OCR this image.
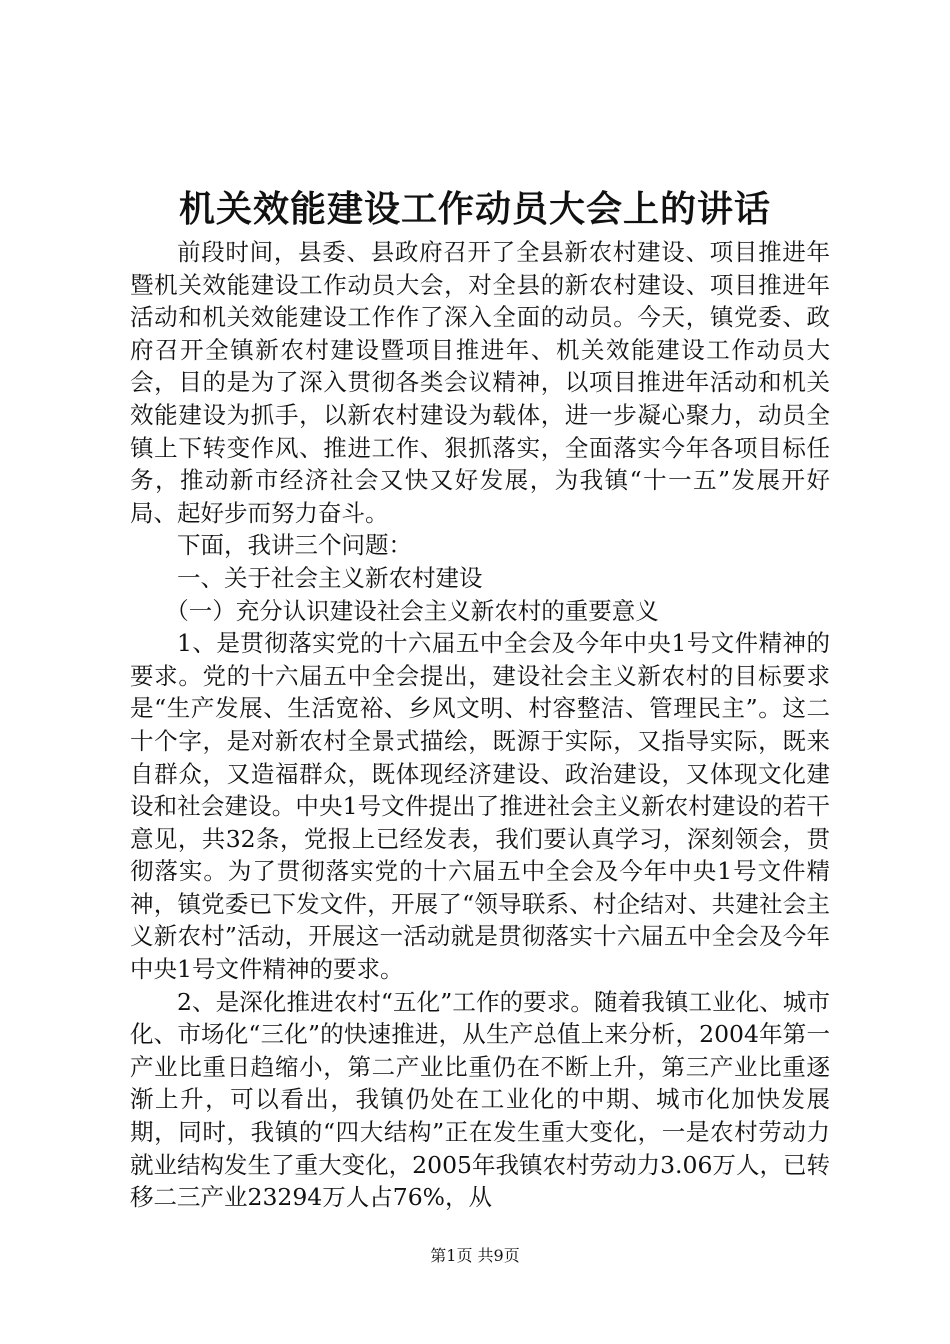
机关效能建设工作动员大会上的讲话

前段时间，县委、县政府召开了全县新农村建设、项目推进年暨机关效能建设工作动员大会，对全县的新农村建设、项目推进年活动和机关效能建设工作作了深入全面的动员。今天，镇党委、政府召开全镇新农村建设暨项目推进年、机关效能建设工作动员大会，目的是为了深入贯彻各类会议精神，以项目推进年活动和机关效能建设为抓手，以新农村建设为载体，进一步凝心聚力，动员全镇上下转变作风、推进工作、狠抓落实，全面落实今年各项目标任务，推动新市经济社会又快又好发展，为我镇“十一五”发展开好局、起好步而努力奋斗。

下面，我讲三个问题：

一、关于社会主义新农村建设

（一）充分认识建设社会主义新农村的重要意义

1、是贯彻落实党的十六届五中全会及今年中央1号文件精神的要求。党的十六届五中全会提出，建设社会主义新农村的目标要求是“生产发展、生活宽裕、乡风文明、村容整洁、管理民主”。这二十个字，是对新农村全景式描绘，既源于实际，又指导实际，既来自群众，又造福群众，既体现经济建设、政治建设，又体现文化建设和社会建设。中央1号文件提出了推进社会主义新农村建设的若干意见，共32条，党报上已经发表，我们要认真学习，深刻领会，贯彻落实。为了贯彻落实党的十六届五中全会及今年中央1号文件精神，镇党委已下发文件，开展了“领导联系、村企结对、共建社会主义新农村”活动，开展这一活动就是贯彻落实十六届五中全会及今年中央1号文件精神的要求。

2、是深化推进农村“五化”工作的要求。随着我镇工业化、城市化、市场化“三化”的快速推进，从生产总值上来分析，2004年第一产业比重日趋缩小，第二产业比重仍在不断上升，第三产业比重逐渐上升，可以看出，我镇仍处在工业化的中期、城市化加快发展期，同时，我镇的“四大结构”正在发生重大变化，一是农村劳动力就业结构发生了重大变化，2005年我镇农村劳动力3.06万人，已转移二三产业23294万人占76%，从

第1页 共9页
